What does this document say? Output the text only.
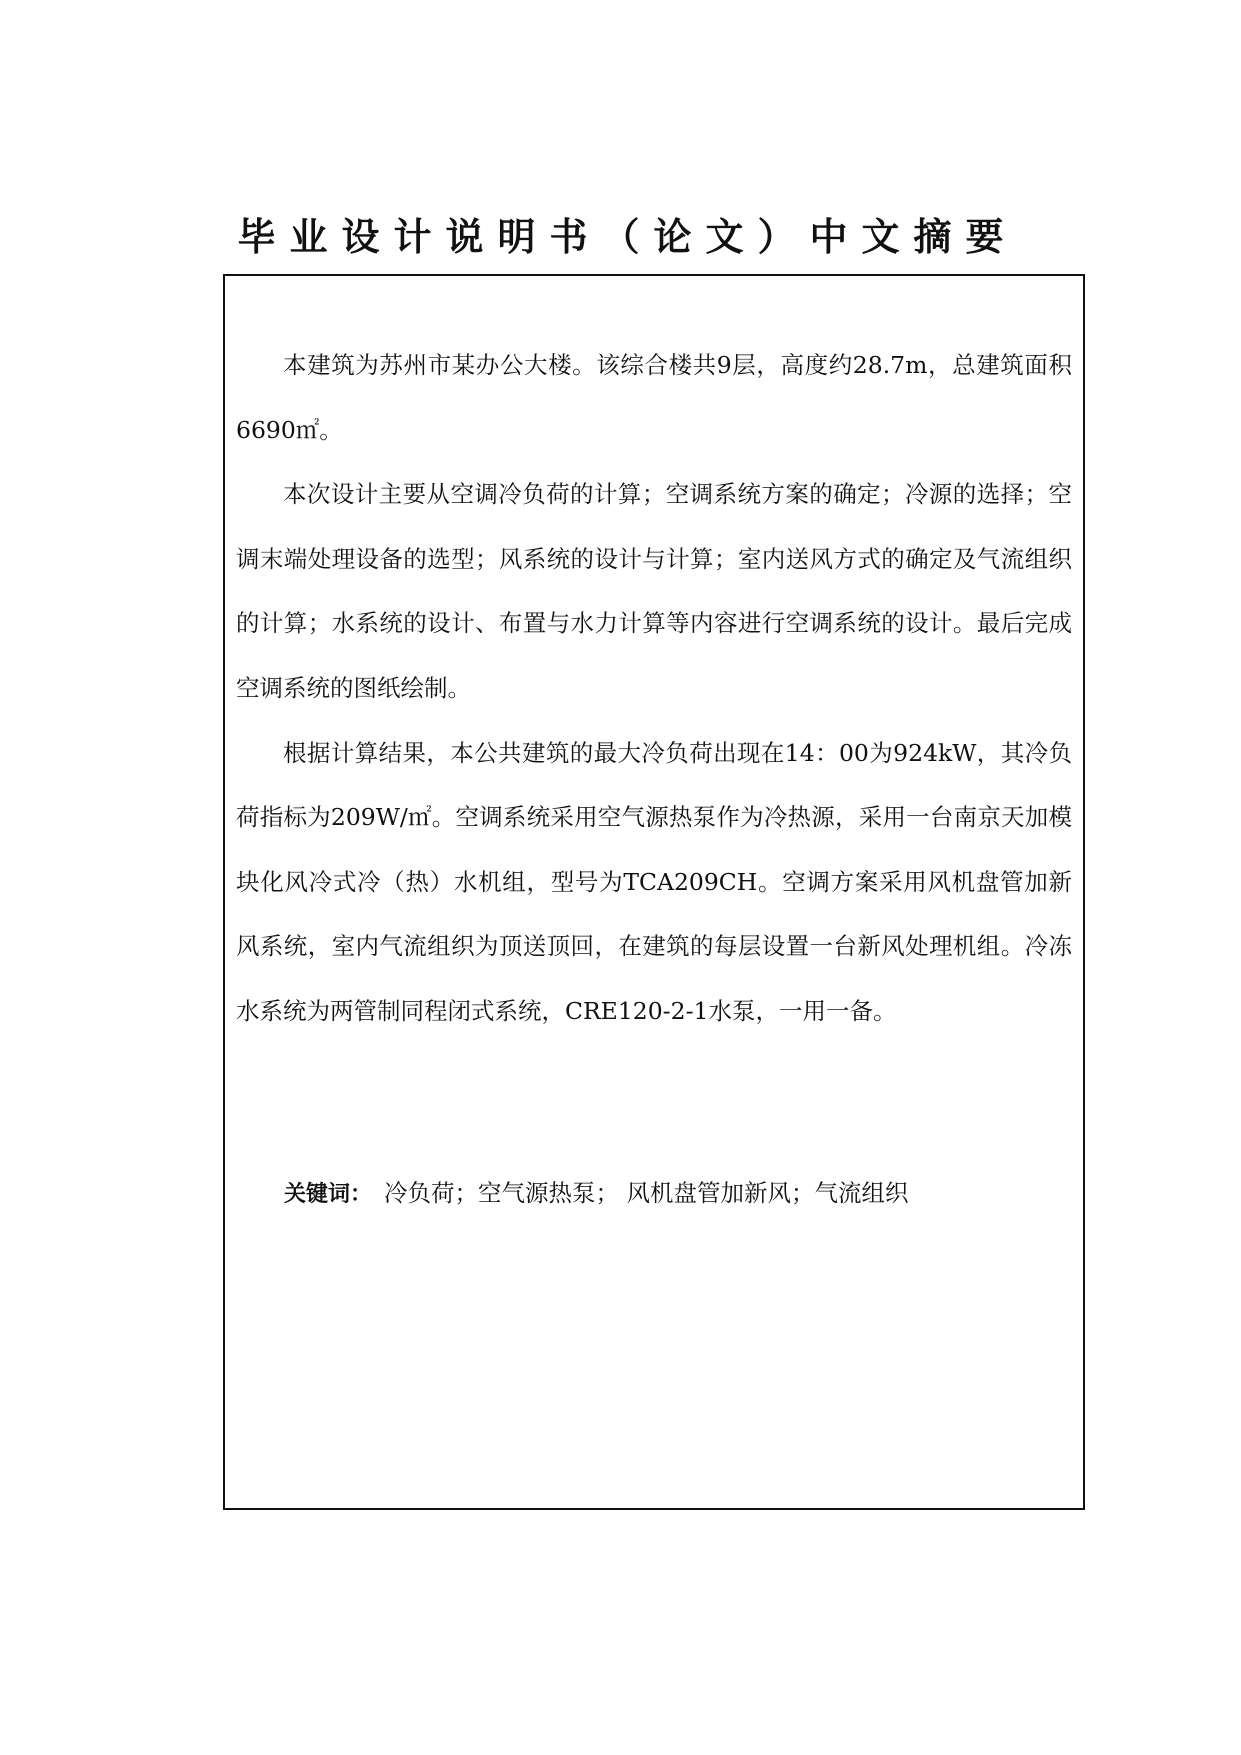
毕业设计说明书（论文）中文摘要

本建筑为苏州市某办公大楼。该综合楼共9层，高度约28.7m，总建筑面积6690㎡。

本次设计主要从空调冷负荷的计算；空调系统方案的确定；冷源的选择；空调末端处理设备的选型；风系统的设计与计算；室内送风方式的确定及气流组织的计算；水系统的设计、布置与水力计算等内容进行空调系统的设计。最后完成空调系统的图纸绘制。

根据计算结果，本公共建筑的最大冷负荷出现在14：00为924kW，其冷负荷指标为209W/㎡。空调系统采用空气源热泵作为冷热源，采用一台南京天加模块化风冷式冷（热）水机组，型号为TCA209CH。空调方案采用风机盘管加新风系统，室内气流组织为顶送顶回，在建筑的每层设置一台新风处理机组。冷冻水系统为两管制同程闭式系统，CRE120-2-1水泵，一用一备。

关键词： 冷负荷；空气源热泵； 风机盘管加新风；气流组织
